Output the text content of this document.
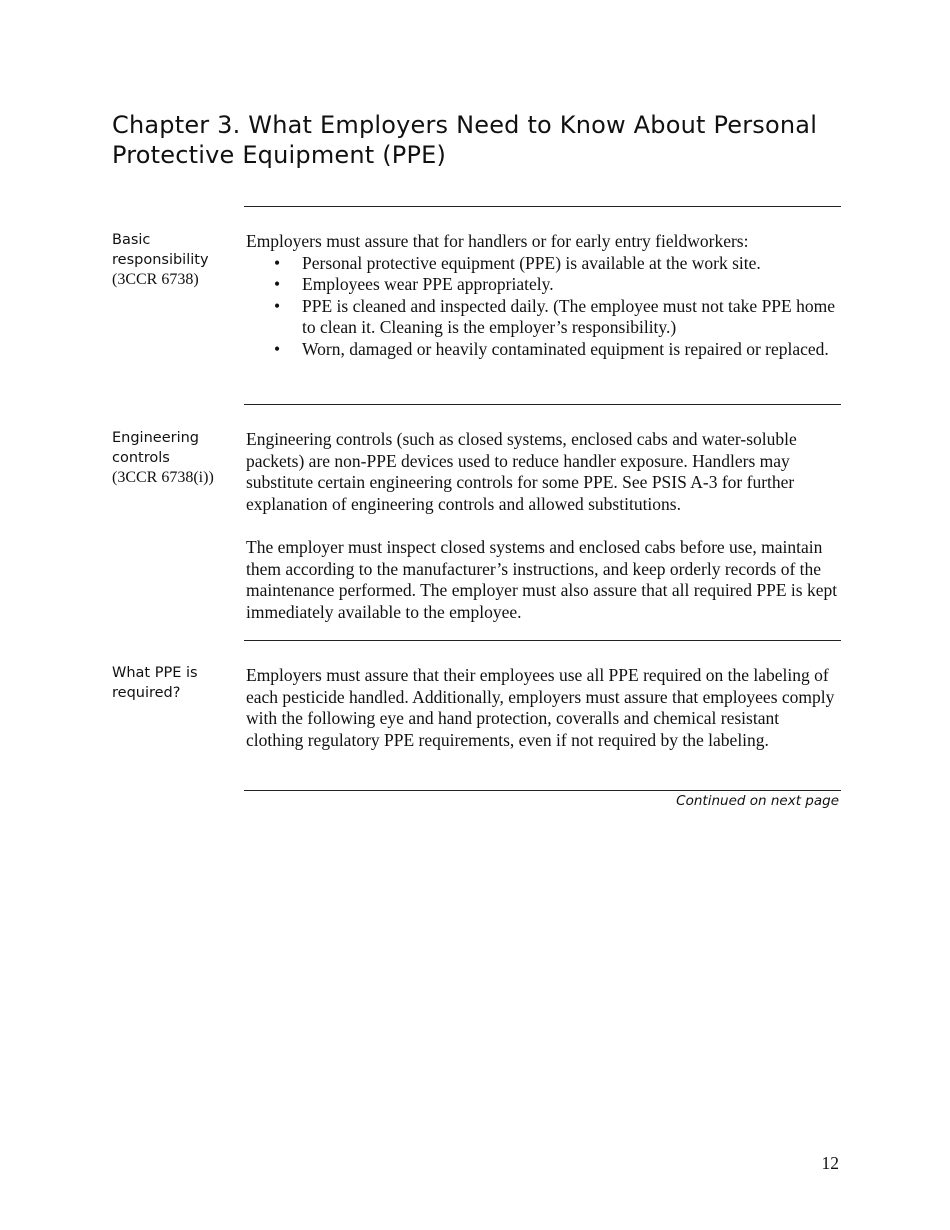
Chapter 3. What Employers Need to Know About Personal Protective Equipment (PPE)
Basic responsibility
(3CCR 6738)

Employers must assure that for handlers or for early entry fieldworkers:

• Personal protective equipment (PPE) is available at the work site.
• Employees wear PPE appropriately.
• PPE is cleaned and inspected daily. (The employee must not take PPE home to clean it. Cleaning is the employer’s responsibility.)
• Worn, damaged or heavily contaminated equipment is repaired or replaced.
Engineering controls
(3CCR 6738(i))

Engineering controls (such as closed systems, enclosed cabs and water-soluble packets) are non-PPE devices used to reduce handler exposure. Handlers may substitute certain engineering controls for some PPE. See PSIS A-3 for further explanation of engineering controls and allowed substitutions.

The employer must inspect closed systems and enclosed cabs before use, maintain them according to the manufacturer’s instructions, and keep orderly records of the maintenance performed. The employer must also assure that all required PPE is kept immediately available to the employee.

What PPE is required?

Employers must assure that their employees use all PPE required on the labeling of each pesticide handled. Additionally, employers must assure that employees comply with the following eye and hand protection, coveralls and chemical resistant clothing regulatory PPE requirements, even if not required by the labeling.

Continued on next page
12
